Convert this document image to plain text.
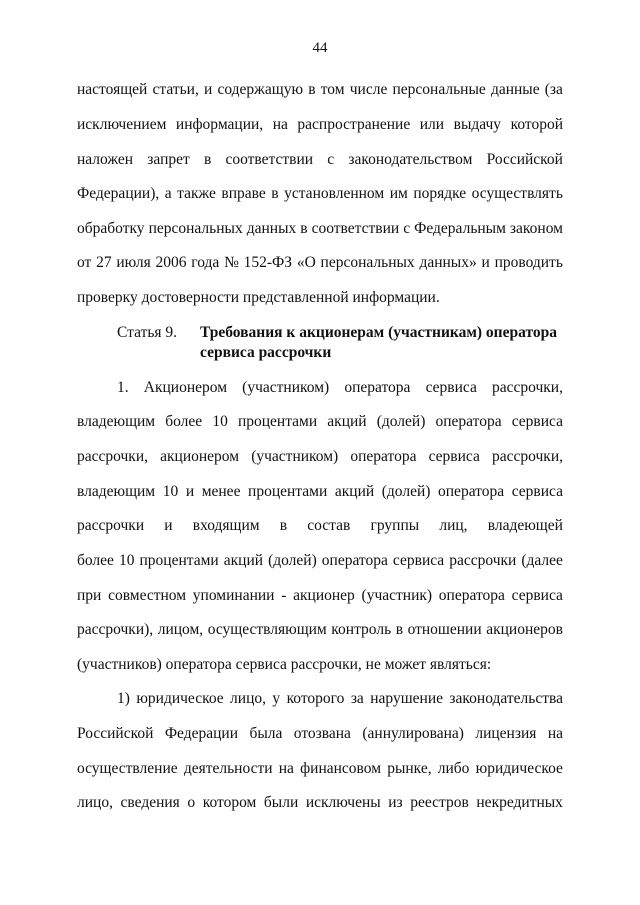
44
настоящей статьи, и содержащую в том числе персональные данные (за
исключением информации, на распространение или выдачу которой
наложен запрет в соответствии с законодательством Российской
Федерации), а также вправе в установленном им порядке осуществлять
обработку персональных данных в соответствии с Федеральным законом
от 27 июля 2006 года № 152-ФЗ «О персональных данных» и проводить
проверку достоверности представленной информации.
Статья 9. Требования к акционерам (участникам) оператора
сервиса рассрочки
1. Акционером (участником) оператора сервиса рассрочки,
владеющим более 10 процентами акций (долей) оператора сервиса
рассрочки, акционером (участником) оператора сервиса рассрочки,
владеющим 10 и менее процентами акций (долей) оператора сервиса
рассрочки и входящим в состав группы лиц, владеющей
более 10 процентами акций (долей) оператора сервиса рассрочки (далее
при совместном упоминании - акционер (участник) оператора сервиса
рассрочки), лицом, осуществляющим контроль в отношении акционеров
(участников) оператора сервиса рассрочки, не может являться:
1) юридическое лицо, у которого за нарушение законодательства
Российской Федерации была отозвана (аннулирована) лицензия на
осуществление деятельности на финансовом рынке, либо юридическое
лицо, сведения о котором были исключены из реестров некредитных
